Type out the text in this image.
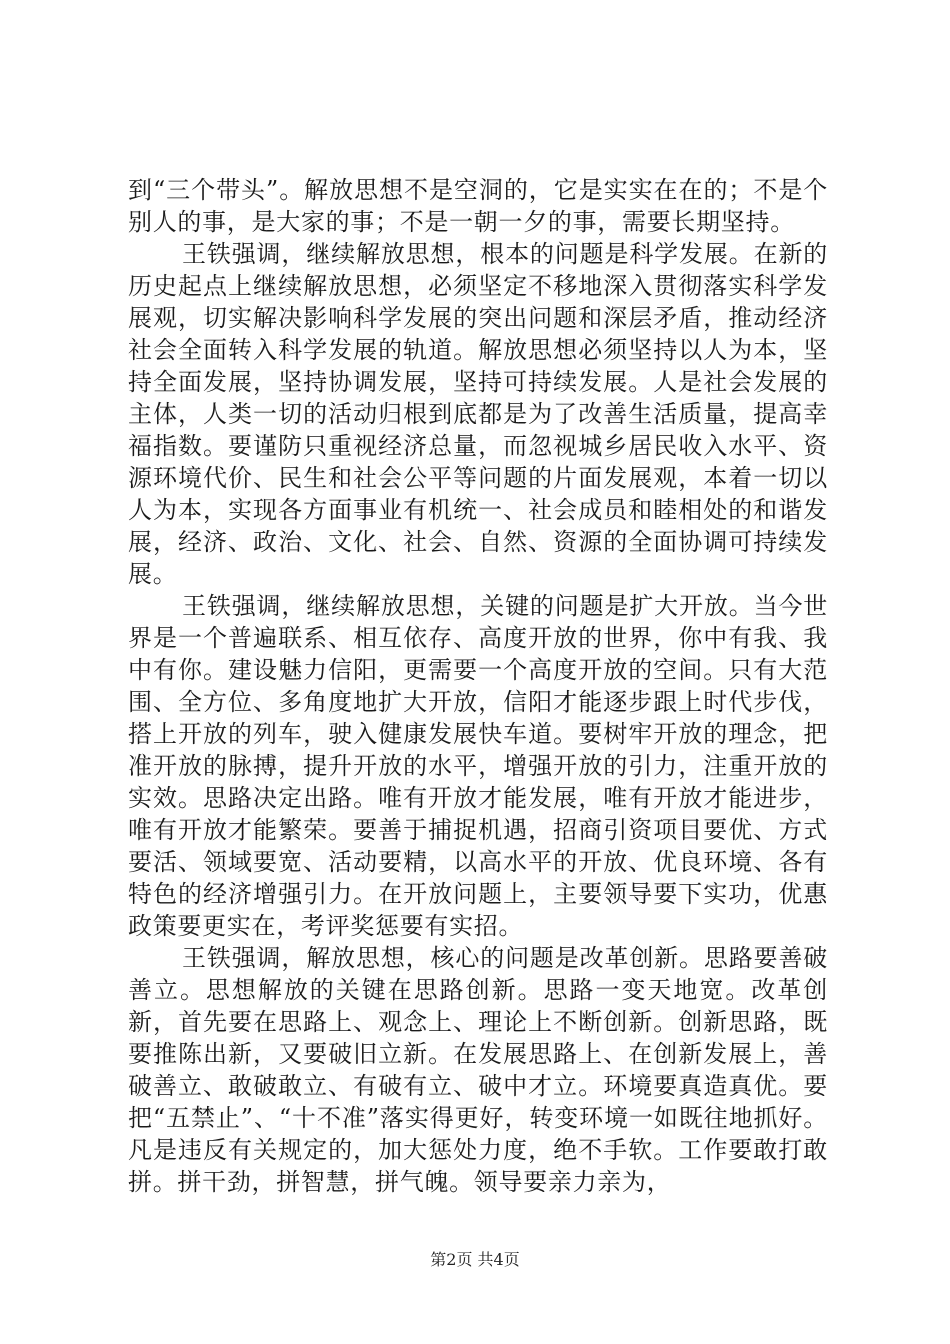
到“三个带头”。解放思想不是空洞的，它是实实在在的；不是个别人的事，是大家的事；不是一朝一夕的事，需要长期坚持。

王铁强调，继续解放思想，根本的问题是科学发展。在新的历史起点上继续解放思想，必须坚定不移地深入贯彻落实科学发展观，切实解决影响科学发展的突出问题和深层矛盾，推动经济社会全面转入科学发展的轨道。解放思想必须坚持以人为本，坚持全面发展，坚持协调发展，坚持可持续发展。人是社会发展的主体，人类一切的活动归根到底都是为了改善生活质量，提高幸福指数。要谨防只重视经济总量，而忽视城乡居民收入水平、资源环境代价、民生和社会公平等问题的片面发展观，本着一切以人为本，实现各方面事业有机统一、社会成员和睦相处的和谐发展，经济、政治、文化、社会、自然、资源的全面协调可持续发展。

王铁强调，继续解放思想，关键的问题是扩大开放。当今世界是一个普遍联系、相互依存、高度开放的世界，你中有我、我中有你。建设魅力信阳，更需要一个高度开放的空间。只有大范围、全方位、多角度地扩大开放，信阳才能逐步跟上时代步伐，搭上开放的列车，驶入健康发展快车道。要树牢开放的理念，把准开放的脉搏，提升开放的水平，增强开放的引力，注重开放的实效。思路决定出路。唯有开放才能发展，唯有开放才能进步，唯有开放才能繁荣。要善于捕捉机遇，招商引资项目要优、方式要活、领域要宽、活动要精，以高水平的开放、优良环境、各有特色的经济增强引力。在开放问题上，主要领导要下实功，优惠政策要更实在，考评奖惩要有实招。

王铁强调，解放思想，核心的问题是改革创新。思路要善破善立。思想解放的关键在思路创新。思路一变天地宽。改革创新，首先要在思路上、观念上、理论上不断创新。创新思路，既要推陈出新，又要破旧立新。在发展思路上、在创新发展上，善破善立、敢破敢立、有破有立、破中才立。环境要真造真优。要把“五禁止”、“十不准”落实得更好，转变环境一如既往地抓好。凡是违反有关规定的，加大惩处力度，绝不手软。工作要敢打敢拼。拼干劲，拼智慧，拼气魄。领导要亲力亲为，

第2页 共4页
